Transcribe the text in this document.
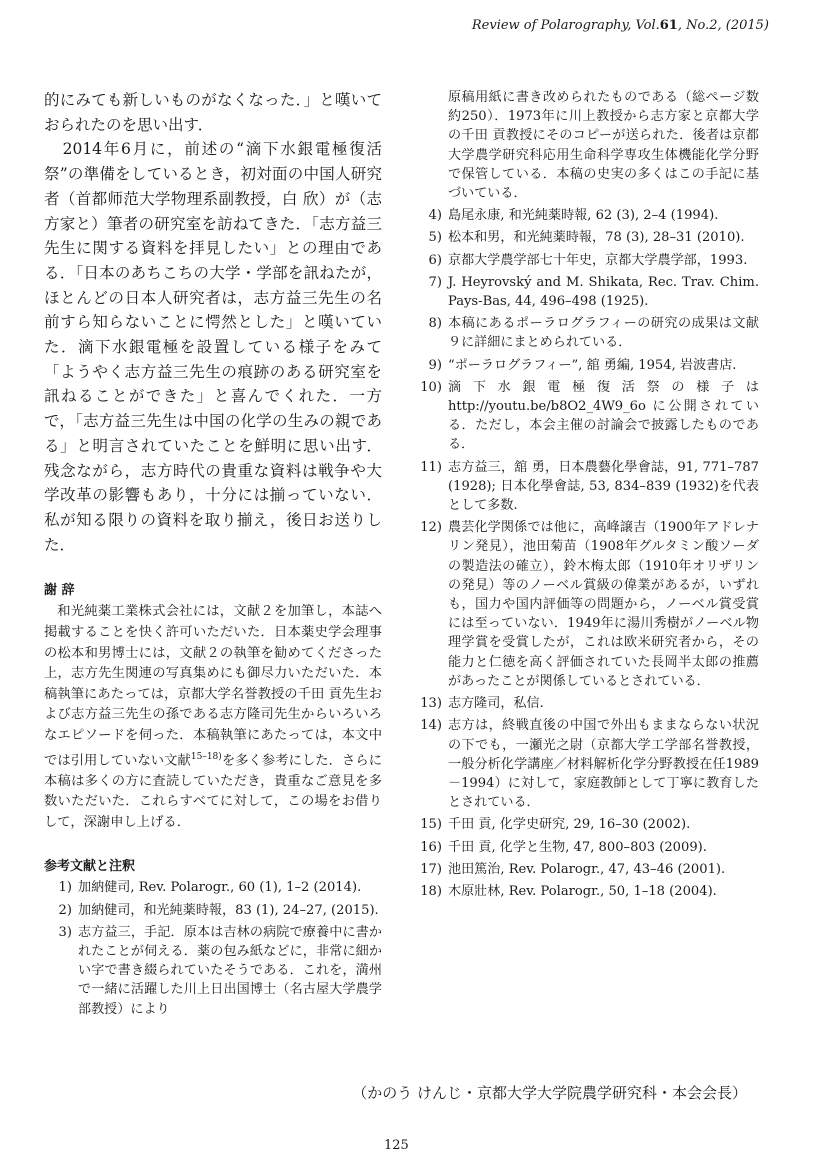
Review of Polarography, Vol.61, No.2, (2015)

的にみても新しいものがなくなった．」と嘆いておられたのを思い出す．

2014年6月に，前述の“滴下水銀電極復活祭”の準備をしているとき，初対面の中国人研究者（首都师范大学物理系副教授，白 欣）が（志方家と）筆者の研究室を訪ねてきた．「志方益三先生に関する資料を拝見したい」との理由である．「日本のあちこちの大学・学部を訊ねたが，ほとんどの日本人研究者は，志方益三先生の名前すら知らないことに愕然とした」と嘆いていた．滴下水銀電極を設置している様子をみて「ようやく志方益三先生の痕跡のある研究室を訊ねることができた」と喜んでくれた．一方で，「志方益三先生は中国の化学の生みの親である」と明言されていたことを鮮明に思い出す．残念ながら，志方時代の貴重な資料は戦争や大学改革の影響もあり，十分には揃っていない．私が知る限りの資料を取り揃え，後日お送りした．

謝 辞

和光純薬工業株式会社には，文献２を加筆し，本誌へ掲載することを快く許可いただいた．日本薬史学会理事の松本和男博士には，文献２の執筆を勧めてくださった上，志方先生関連の写真集めにも御尽力いただいた．本稿執筆にあたっては，京都大学名誉教授の千田 貢先生および志方益三先生の孫である志方隆司先生からいろいろなエピソードを伺った．本稿執筆にあたっては，本文中では引用していない文献$^{15-18)}$を多く参考にした．さらに本稿は多くの方に査読していただき，貴重なご意見を多数いただいた．これらすべてに対して，この場をお借りして，深謝申し上げる．

参考文献と注釈
1) 加納健司, Rev. Polarogr., 60 (1), 1–2 (2014).
2) 加納健司，和光純薬時報，83 (1), 24–27, (2015).
3) 志方益三，手記．原本は吉林の病院で療養中に書かれたことが伺える．薬の包み紙などに，非常に細かい字で書き綴られていたそうである．これを，満州で一緒に活躍した川上日出国博士（名古屋大学農学部教授）により
原稿用紙に書き改められたものである（総ページ数約250）．1973年に川上教授から志方家と京都大学の千田 貢教授にそのコピーが送られた．後者は京都大学農学研究科応用生命科学専攻生体機能化学分野で保管している．本稿の史実の多くはこの手記に基づいている．
4) 島尾永康, 和光純薬時報, 62 (3), 2–4 (1994).
5) 松本和男，和光純薬時報，78 (3), 28–31 (2010).
6) 京都大学農学部七十年史，京都大学農学部，1993.
7) J. Heyrovský and M. Shikata, Rec. Trav. Chim. Pays-Bas, 44, 496–498 (1925).
8) 本稿にあるポーラログラフィーの研究の成果は文献９に詳細にまとめられている．
9) “ポーラログラフィー”, 舘 勇編, 1954, 岩波書店.
10) 滴下水銀電極復活祭の様子は http://youtu.be/b8O2_4W9_6o に公開されている．ただし，本会主催の討論会で披露したものである．
11) 志方益三，舘 勇，日本農藝化學會誌，91, 771–787 (1928); 日本化學會誌, 53, 834–839 (1932)を代表として多数.
12) 農芸化学関係では他に，高峰譲吉（1900年アドレナリン発見），池田菊苗（1908年グルタミン酸ソーダの製造法の確立），鈴木梅太郎（1910年オリザリンの発見）等のノーベル賞級の偉業があるが，いずれも，国力や国内評価等の問題から，ノーベル賞受賞には至っていない．1949年に湯川秀樹がノーベル物理学賞を受賞したが，これは欧米研究者から，その能力と仁徳を高く評価されていた長岡半太郎の推薦があったことが関係しているとされている．
13) 志方隆司，私信.
14) 志方は，終戦直後の中国で外出もままならない状況の下でも，一瀬光之尉（京都大学工学部名誉教授，一般分析化学講座／材料解析化学分野教授在任1989－1994）に対して，家庭教師として丁寧に教育したとされている．
15) 千田 貢, 化学史研究, 29, 16–30 (2002).
16) 千田 貢, 化学と生物, 47, 800–803 (2009).
17) 池田篤治, Rev. Polarogr., 47, 43–46 (2001).
18) 木原壯林, Rev. Polarogr., 50, 1–18 (2004).
（かのう けんじ・京都大学大学院農学研究科・本会会長）
125
